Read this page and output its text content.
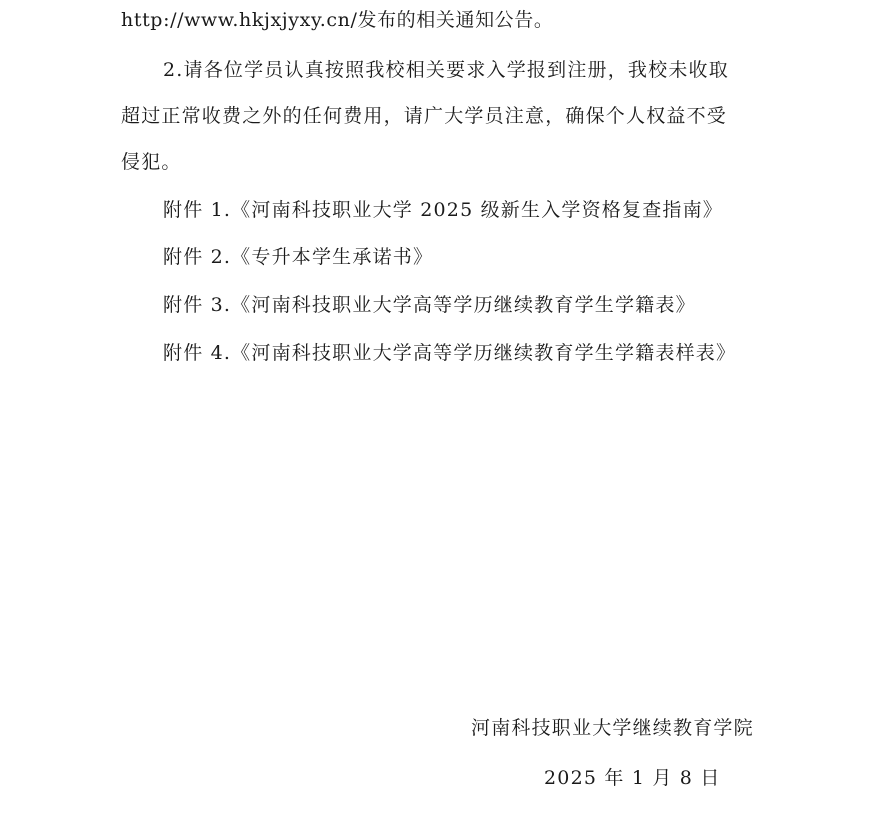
http://www.hkjxjyxy.cn/发布的相关通知公告。
2.请各位学员认真按照我校相关要求入学报到注册，我校未收取
超过正常收费之外的任何费用，请广大学员注意，确保个人权益不受
侵犯。
附件 1.《河南科技职业大学 2025 级新生入学资格复查指南》
附件 2.《专升本学生承诺书》
附件 3.《河南科技职业大学高等学历继续教育学生学籍表》
附件 4.《河南科技职业大学高等学历继续教育学生学籍表样表》
河南科技职业大学继续教育学院
2025 年 1 月 8 日
